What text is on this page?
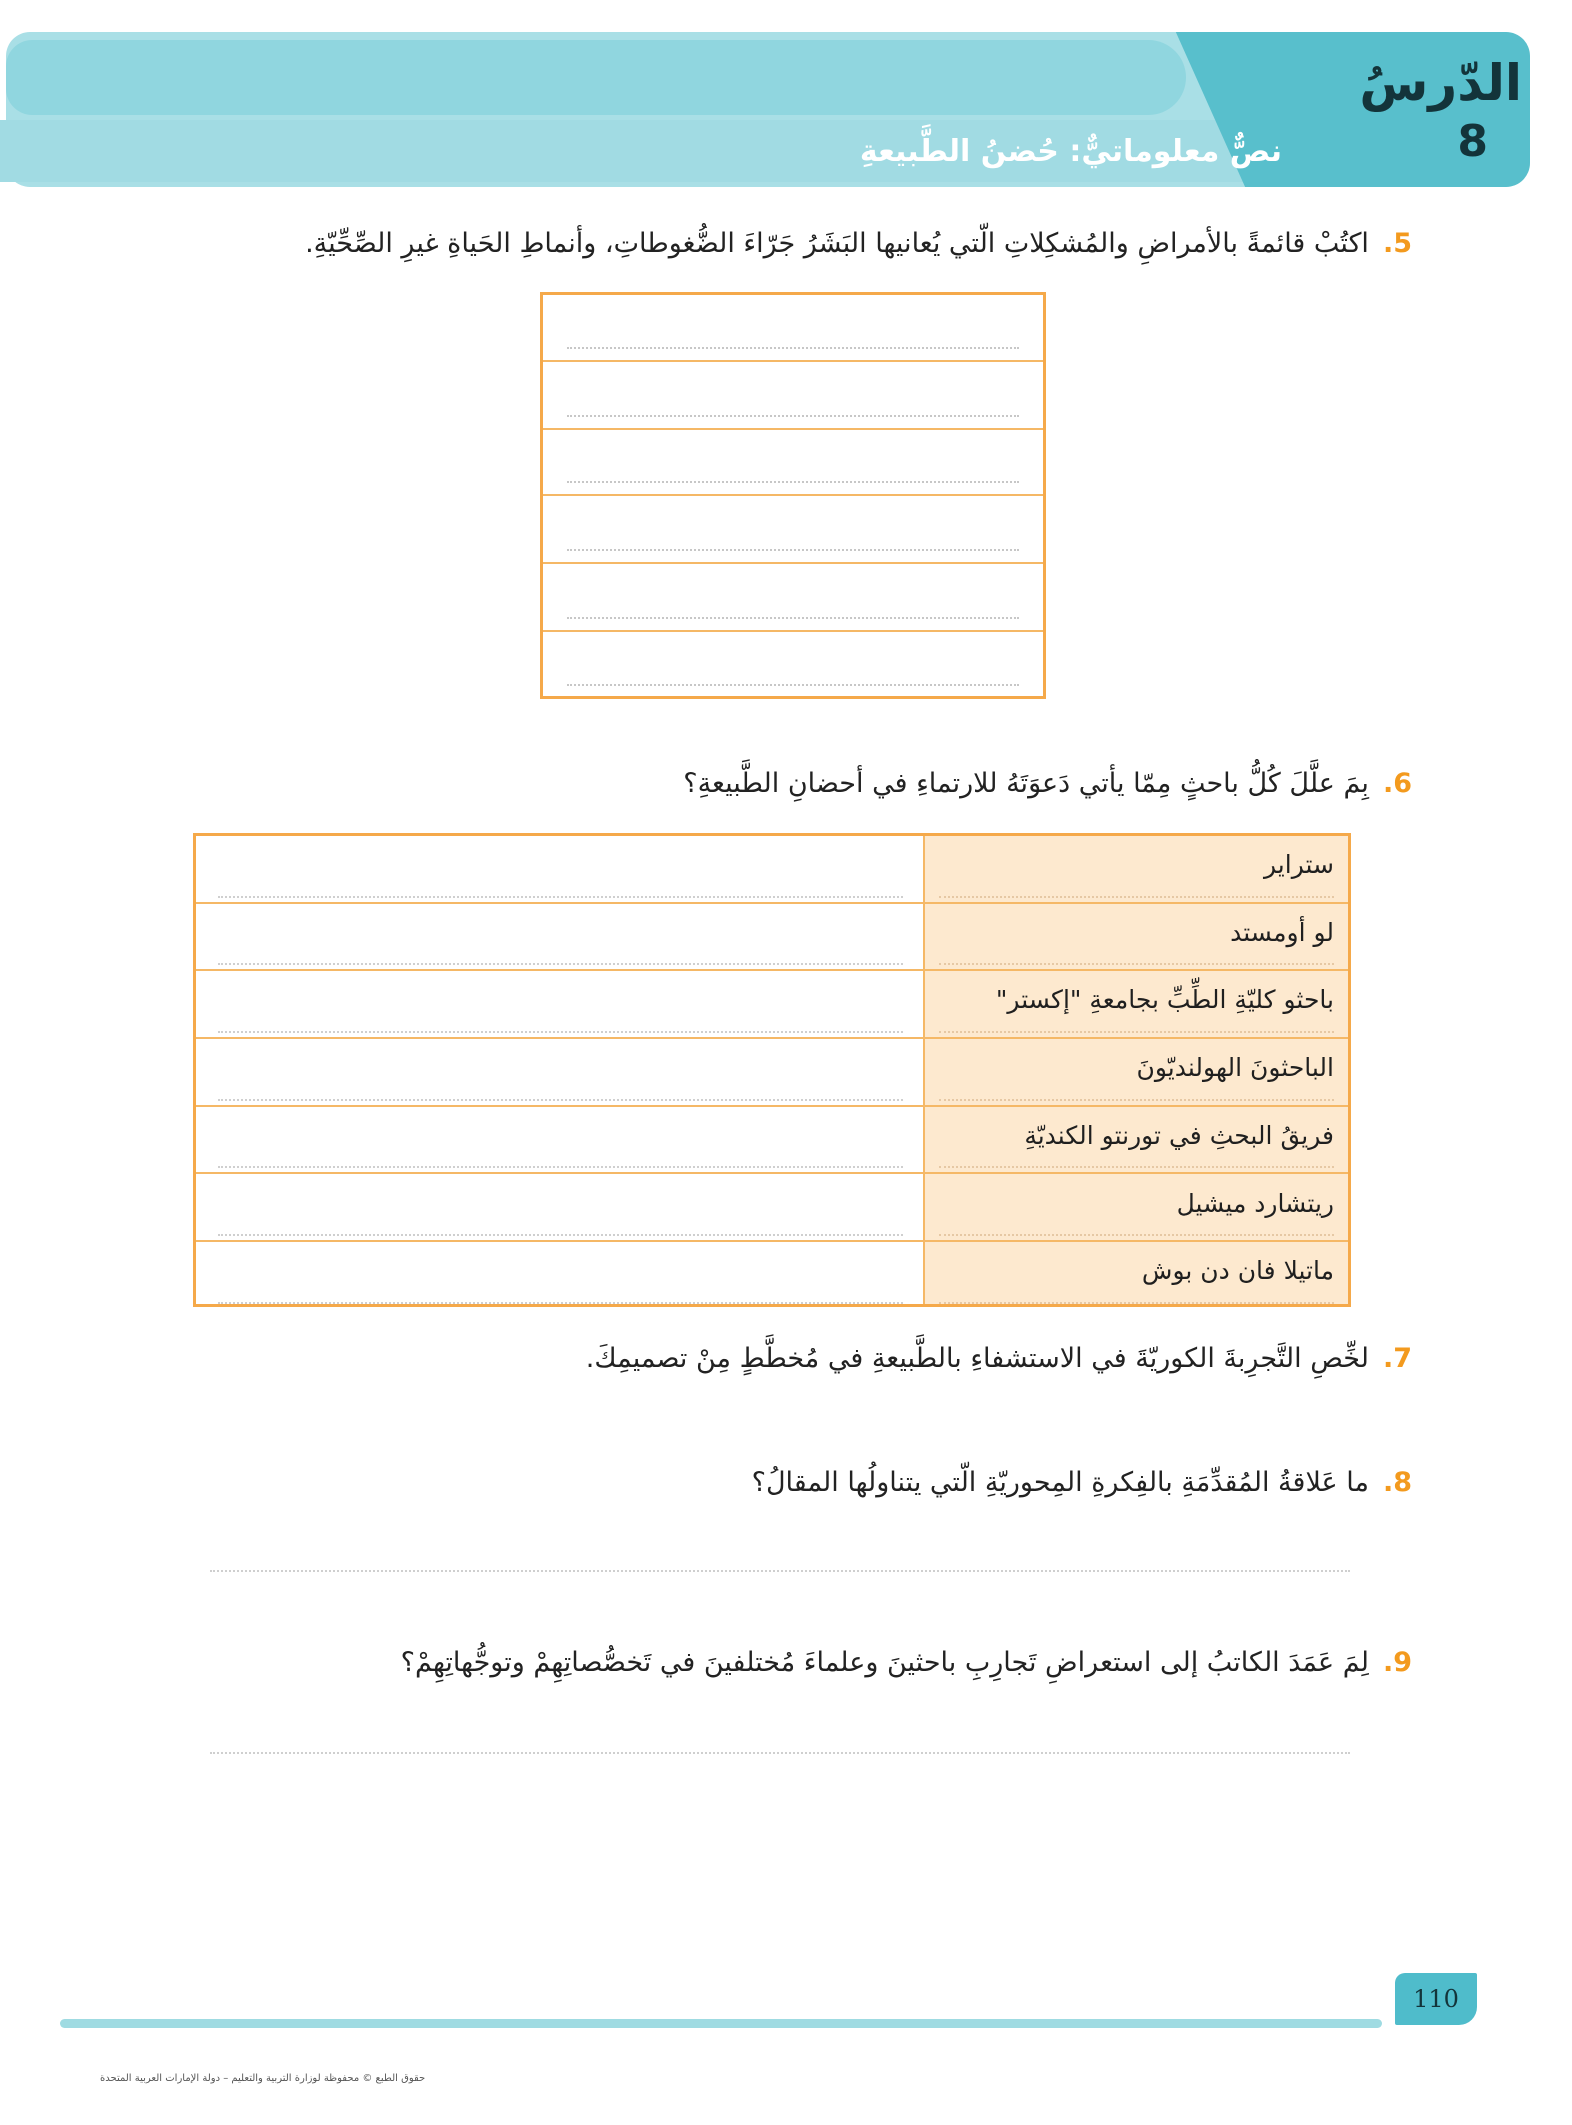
الدّرسُ
8
نصٌّ معلوماتيٌّ: حُضنُ الطَّبيعةِ
5.اكتُبْ قائمةً بالأمراضِ والمُشكِلاتِ الّتي يُعانيها البَشَرُ جَرّاءَ الضُّغوطاتِ، وأنماطِ الحَياةِ غيرِ الصِّحِّيّةِ.
6.بِمَ علَّلَ كُلُّ باحثٍ مِمّا يأتي دَعوَتَهُ للارتماءِ في أحضانِ الطَّبيعةِ؟
ستراير
لو أومستد
باحثو كليّةِ الطِّبِّ بجامعةِ "إكستر"
الباحثونَ الهولنديّونَ
فريقُ البحثِ في تورنتو الكنديّةِ
ريتشارد ميشيل
ماتيلا فان دن بوش
7.لخِّصِ التَّجرِبةَ الكوريّةَ في الاستشفاءِ بالطَّبيعةِ في مُخطَّطٍ مِنْ تصميمِكَ.
8.ما عَلاقةُ المُقدِّمَةِ بالفِكرةِ المِحوريّةِ الّتي يتناولُها المقالُ؟
9.لِمَ عَمَدَ الكاتبُ إلى استعراضِ تَجارِبِ باحثينَ وعلماءَ مُختلفينَ في تَخصُّصاتِهِمْ وتوجُّهاتِهِمْ؟
110
حقوق الطبع © محفوظة لوزارة التربية والتعليم – دولة الإمارات العربية المتحدة
